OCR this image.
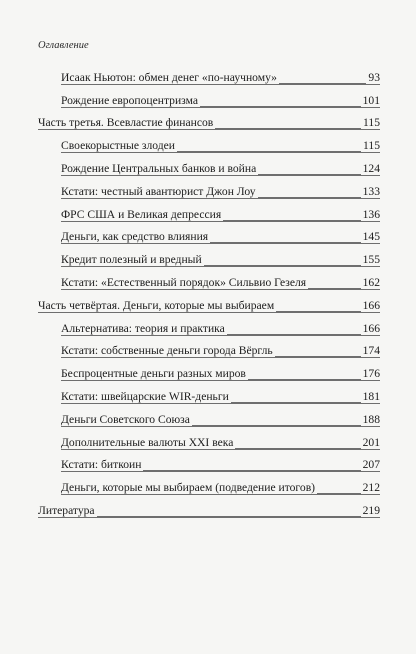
Оглавление
Исаак Ньютон: обмен денег «по-научному»	93
Рождение европоцентризма	101
Часть третья. Всевластие финансов	115
Своекорыстные злодеи	115
Рождение Центральных банков и война	124
Кстати: честный авантюрист Джон Лоу	133
ФРС США и Великая депрессия	136
Деньги, как средство влияния	145
Кредит полезный и вредный	155
Кстати: «Естественный порядок» Сильвио Гезеля	162
Часть четвёртая. Деньги, которые мы выбираем	166
Альтернатива: теория и практика	166
Кстати: собственные деньги города Вёргль	174
Беспроцентные деньги разных миров	176
Кстати: швейцарские WIR-деньги	181
Деньги Советского Союза	188
Дополнительные валюты XXI века	201
Кстати: биткоин	207
Деньги, которые мы выбираем (подведение итогов)	212
Литература	219
